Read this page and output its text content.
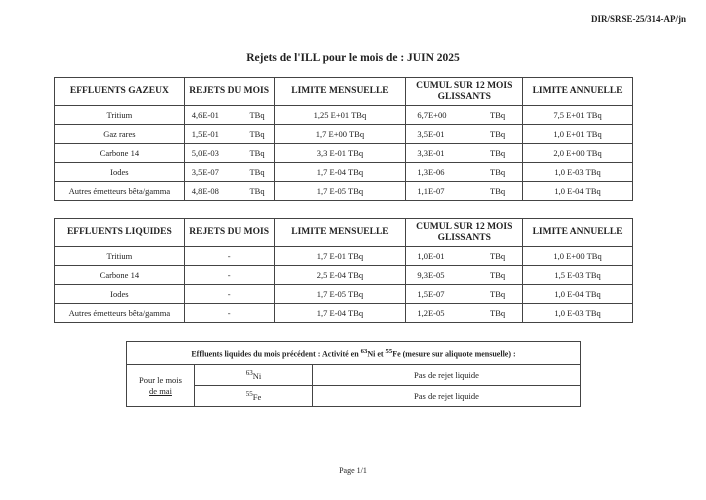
DIR/SRSE-25/314-AP/jn
Rejets de l'ILL pour le mois de : JUIN 2025
EFFLUENTS GAZEUX	REJETS DU MOIS	LIMITE MENSUELLE	CUMUL SUR 12 MOIS GLISSANTS	LIMITE ANNUELLE
Tritium	4,6E-01 TBq	1,25 E+01 TBq	6,7E+00 TBq	7,5 E+01 TBq
Gaz rares	1,5E-01 TBq	1,7 E+00 TBq	3,5E-01 TBq	1,0 E+01 TBq
Carbone 14	5,0E-03 TBq	3,3 E-01 TBq	3,3E-01 TBq	2,0 E+00 TBq
Iodes	3,5E-07 TBq	1,7 E-04 TBq	1,3E-06 TBq	1,0 E-03 TBq
Autres émetteurs bêta/gamma	4,8E-08 TBq	1,7 E-05 TBq	1,1E-07 TBq	1,0 E-04 TBq
EFFLUENTS LIQUIDES	REJETS DU MOIS	LIMITE MENSUELLE	CUMUL SUR 12 MOIS GLISSANTS	LIMITE ANNUELLE
Tritium	-	1,7 E-01 TBq	1,0E-01 TBq	1,0 E+00 TBq
Carbone 14	-	2,5 E-04 TBq	9,3E-05 TBq	1,5 E-03 TBq
Iodes	-	1,7 E-05 TBq	1,5E-07 TBq	1,0 E-04 TBq
Autres émetteurs bêta/gamma	-	1,7 E-04 TBq	1,2E-05 TBq	1,0 E-03 TBq
Effluents liquides du mois précédent : Activité en $^{63}$Ni et $^{55}$Fe (mesure sur aliquote mensuelle) :		
Pour le mois
de mai	$^{63}$Ni	Pas de rejet liquide
	$^{55}$Fe	Pas de rejet liquide
Page 1/1
